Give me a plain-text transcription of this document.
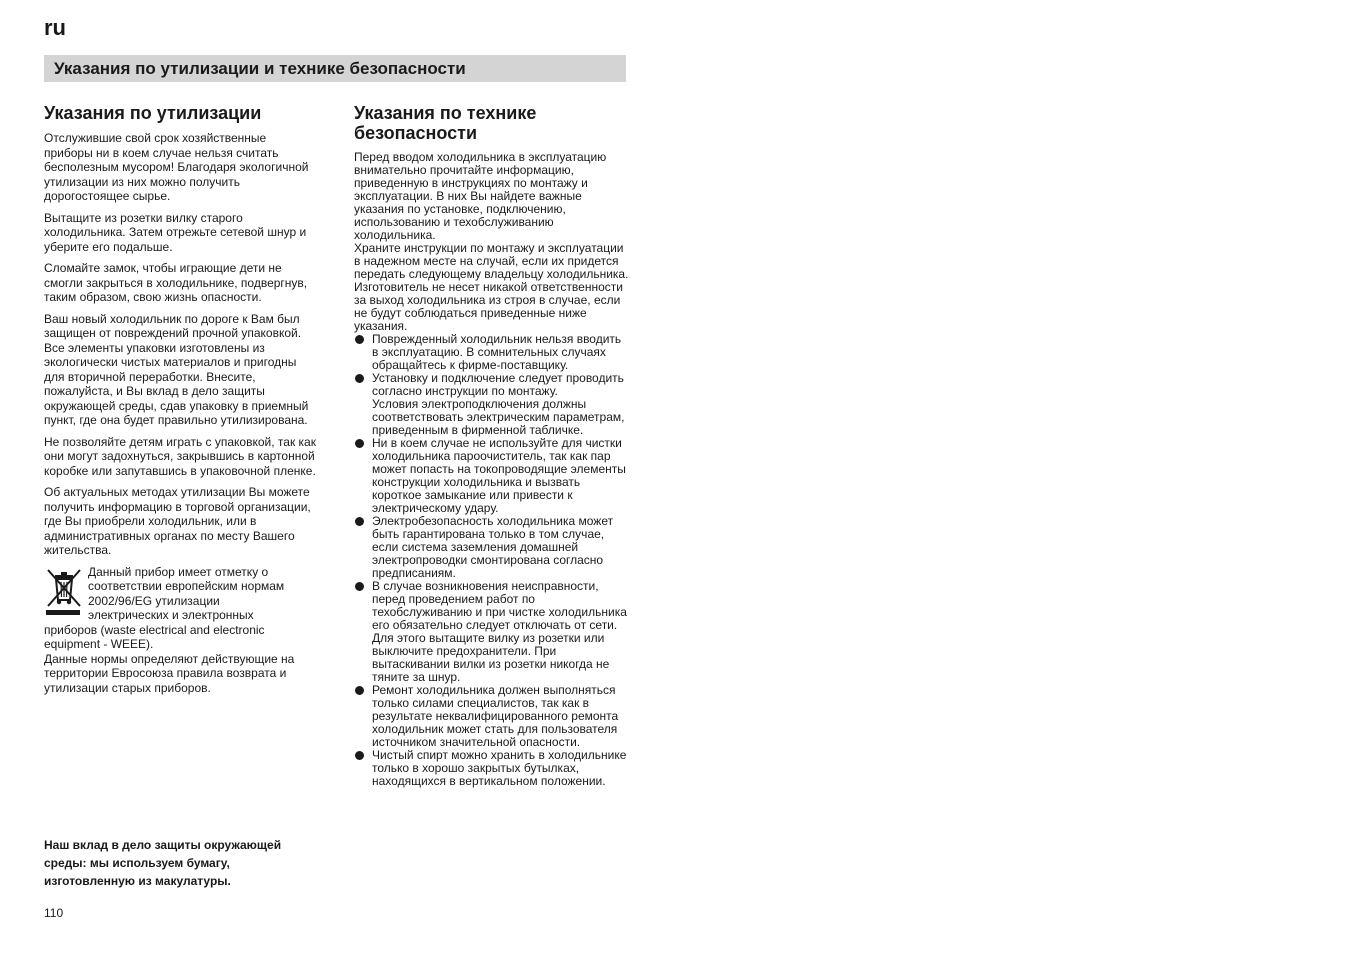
ru
Указания по утилизации и технике безопасности
Указания по утилизации
Отслужившие свой срок хозяйственные приборы ни в коем случае нельзя считать бесполезным мусором! Благодаря экологичной утилизации из них можно получить дорогостоящее сырье.
Вытащите из розетки вилку старого холодильника. Затем отрежьте сетевой шнур и уберите его подальше.
Сломайте замок, чтобы играющие дети не смогли закрыться в холодильнике, подвергнув, таким образом, свою жизнь опасности.
Ваш новый холодильник по дороге к Вам был защищен от повреждений прочной упаковкой. Все элементы упаковки изготовлены из экологически чистых материалов и пригодны для вторичной переработки. Внесите, пожалуйста, и Вы вклад в дело защиты окружающей среды, сдав упаковку в приемный пункт, где она будет правильно утилизирована.
Не позволяйте детям играть с упаковкой, так как они могут задохнуться, закрывшись в картонной коробке или запутавшись в упаковочной пленке.
Об актуальных методах утилизации Вы можете получить информацию в торговой организации, где Вы приобрели холодильник, или в административных органах по месту Вашего жительства.
Данный прибор имеет отметку о
соответствии европейским нормам
2002/96/EG утилизации
электрических и электронных
приборов (waste electrical and electronic
equipment - WEEE).
Данные нормы определяют действующие на территории Евросоюза правила возврата и утилизации старых приборов.
Наш вклад в дело защиты окружающей среды: мы используем бумагу, изготовленную из макулатуры.
110
Указания по технике безопасности
Перед вводом холодильника в эксплуатацию внимательно прочитайте информацию, приведенную в инструкциях по монтажу и эксплуатации. В них Вы найдете важные указания по установке, подключению, использованию и техобслуживанию холодильника.
Храните инструкции по монтажу и эксплуатации в надежном месте на случай, если их придется передать следующему владельцу холодильника.
Изготовитель не несет никакой ответственности за выход холодильника из строя в случае, если не будут соблюдаться приведенные ниже указания.
Поврежденный холодильник нельзя вводить в эксплуатацию. В сомнительных случаях обращайтесь к фирме-поставщику.
Установку и подключение следует проводить согласно инструкции по монтажу.
Условия электроподключения должны соответствовать электрическим параметрам, приведенным в фирменной табличке.
Ни в коем случае не используйте для чистки холодильника пароочиститель, так как пар может попасть на токопроводящие элементы конструкции холодильника и вызвать короткое замыкание или привести к электрическому удару.
Электробезопасность холодильника может быть гарантирована только в том случае, если система заземления домашней электропроводки смонтирована согласно предписаниям.
В случае возникновения неисправности, перед проведением работ по техобслуживанию и при чистке холодильника его обязательно следует отключать от сети. Для этого вытащите вилку из розетки или выключите предохранители. При вытаскивании вилки из розетки никогда не тяните за шнур.
Ремонт холодильника должен выполняться только силами специалистов, так как в результате неквалифицированного ремонта холодильник может стать для пользователя источником значительной опасности.
Чистый спирт можно хранить в холодильнике только в хорошо закрытых бутылках, находящихся в вертикальном положении.
